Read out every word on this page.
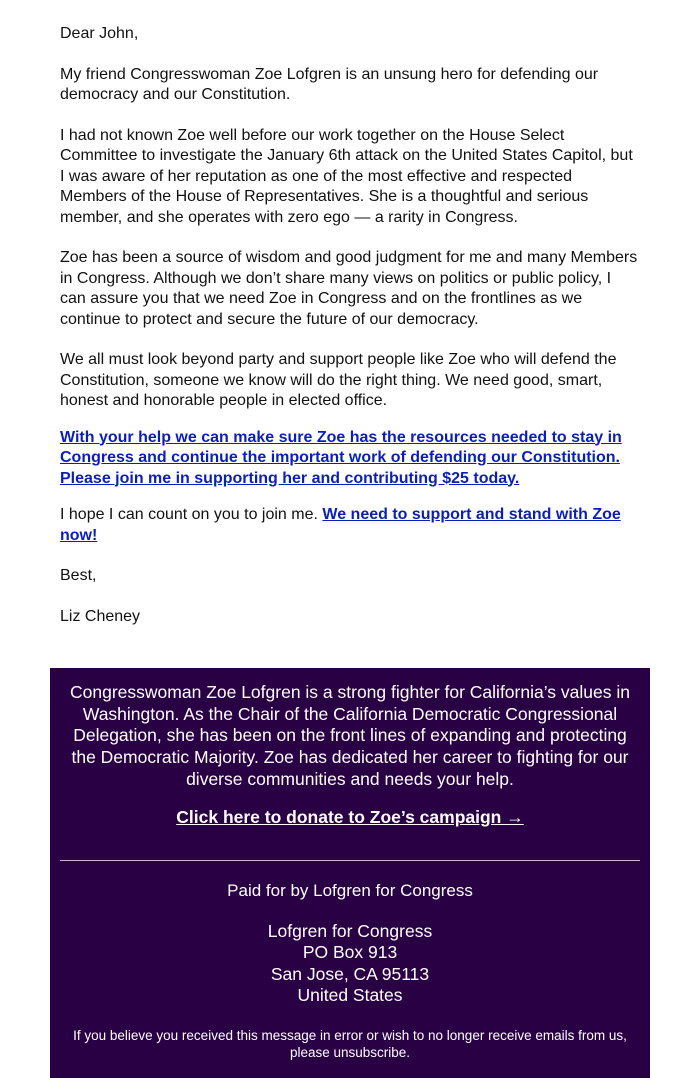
Dear John,

My friend Congresswoman Zoe Lofgren is an unsung hero for defending our democracy and our Constitution.

I had not known Zoe well before our work together on the House Select Committee to investigate the January 6th attack on the United States Capitol, but I was aware of her reputation as one of the most effective and respected Members of the House of Representatives. She is a thoughtful and serious member, and she operates with zero ego — a rarity in Congress.

Zoe has been a source of wisdom and good judgment for me and many Members in Congress. Although we don’t share many views on politics or public policy, I can assure you that we need Zoe in Congress and on the frontlines as we continue to protect and secure the future of our democracy.

We all must look beyond party and support people like Zoe who will defend the Constitution, someone we know will do the right thing. We need good, smart, honest and honorable people in elected office.

With your help we can make sure Zoe has the resources needed to stay in Congress and continue the important work of defending our Constitution. Please join me in supporting her and contributing $25 today.

I hope I can count on you to join me. We need to support and stand with Zoe now!

Best,

Liz Cheney

Congresswoman Zoe Lofgren is a strong fighter for California’s values in Washington. As the Chair of the California Democratic Congressional Delegation, she has been on the front lines of expanding and protecting the Democratic Majority. Zoe has dedicated her career to fighting for our diverse communities and needs your help.
Click here to donate to Zoe’s campaign →
Paid for by Lofgren for Congress
Lofgren for Congress
PO Box 913
San Jose, CA 95113
United States
If you believe you received this message in error or wish to no longer receive emails from us, please unsubscribe.
